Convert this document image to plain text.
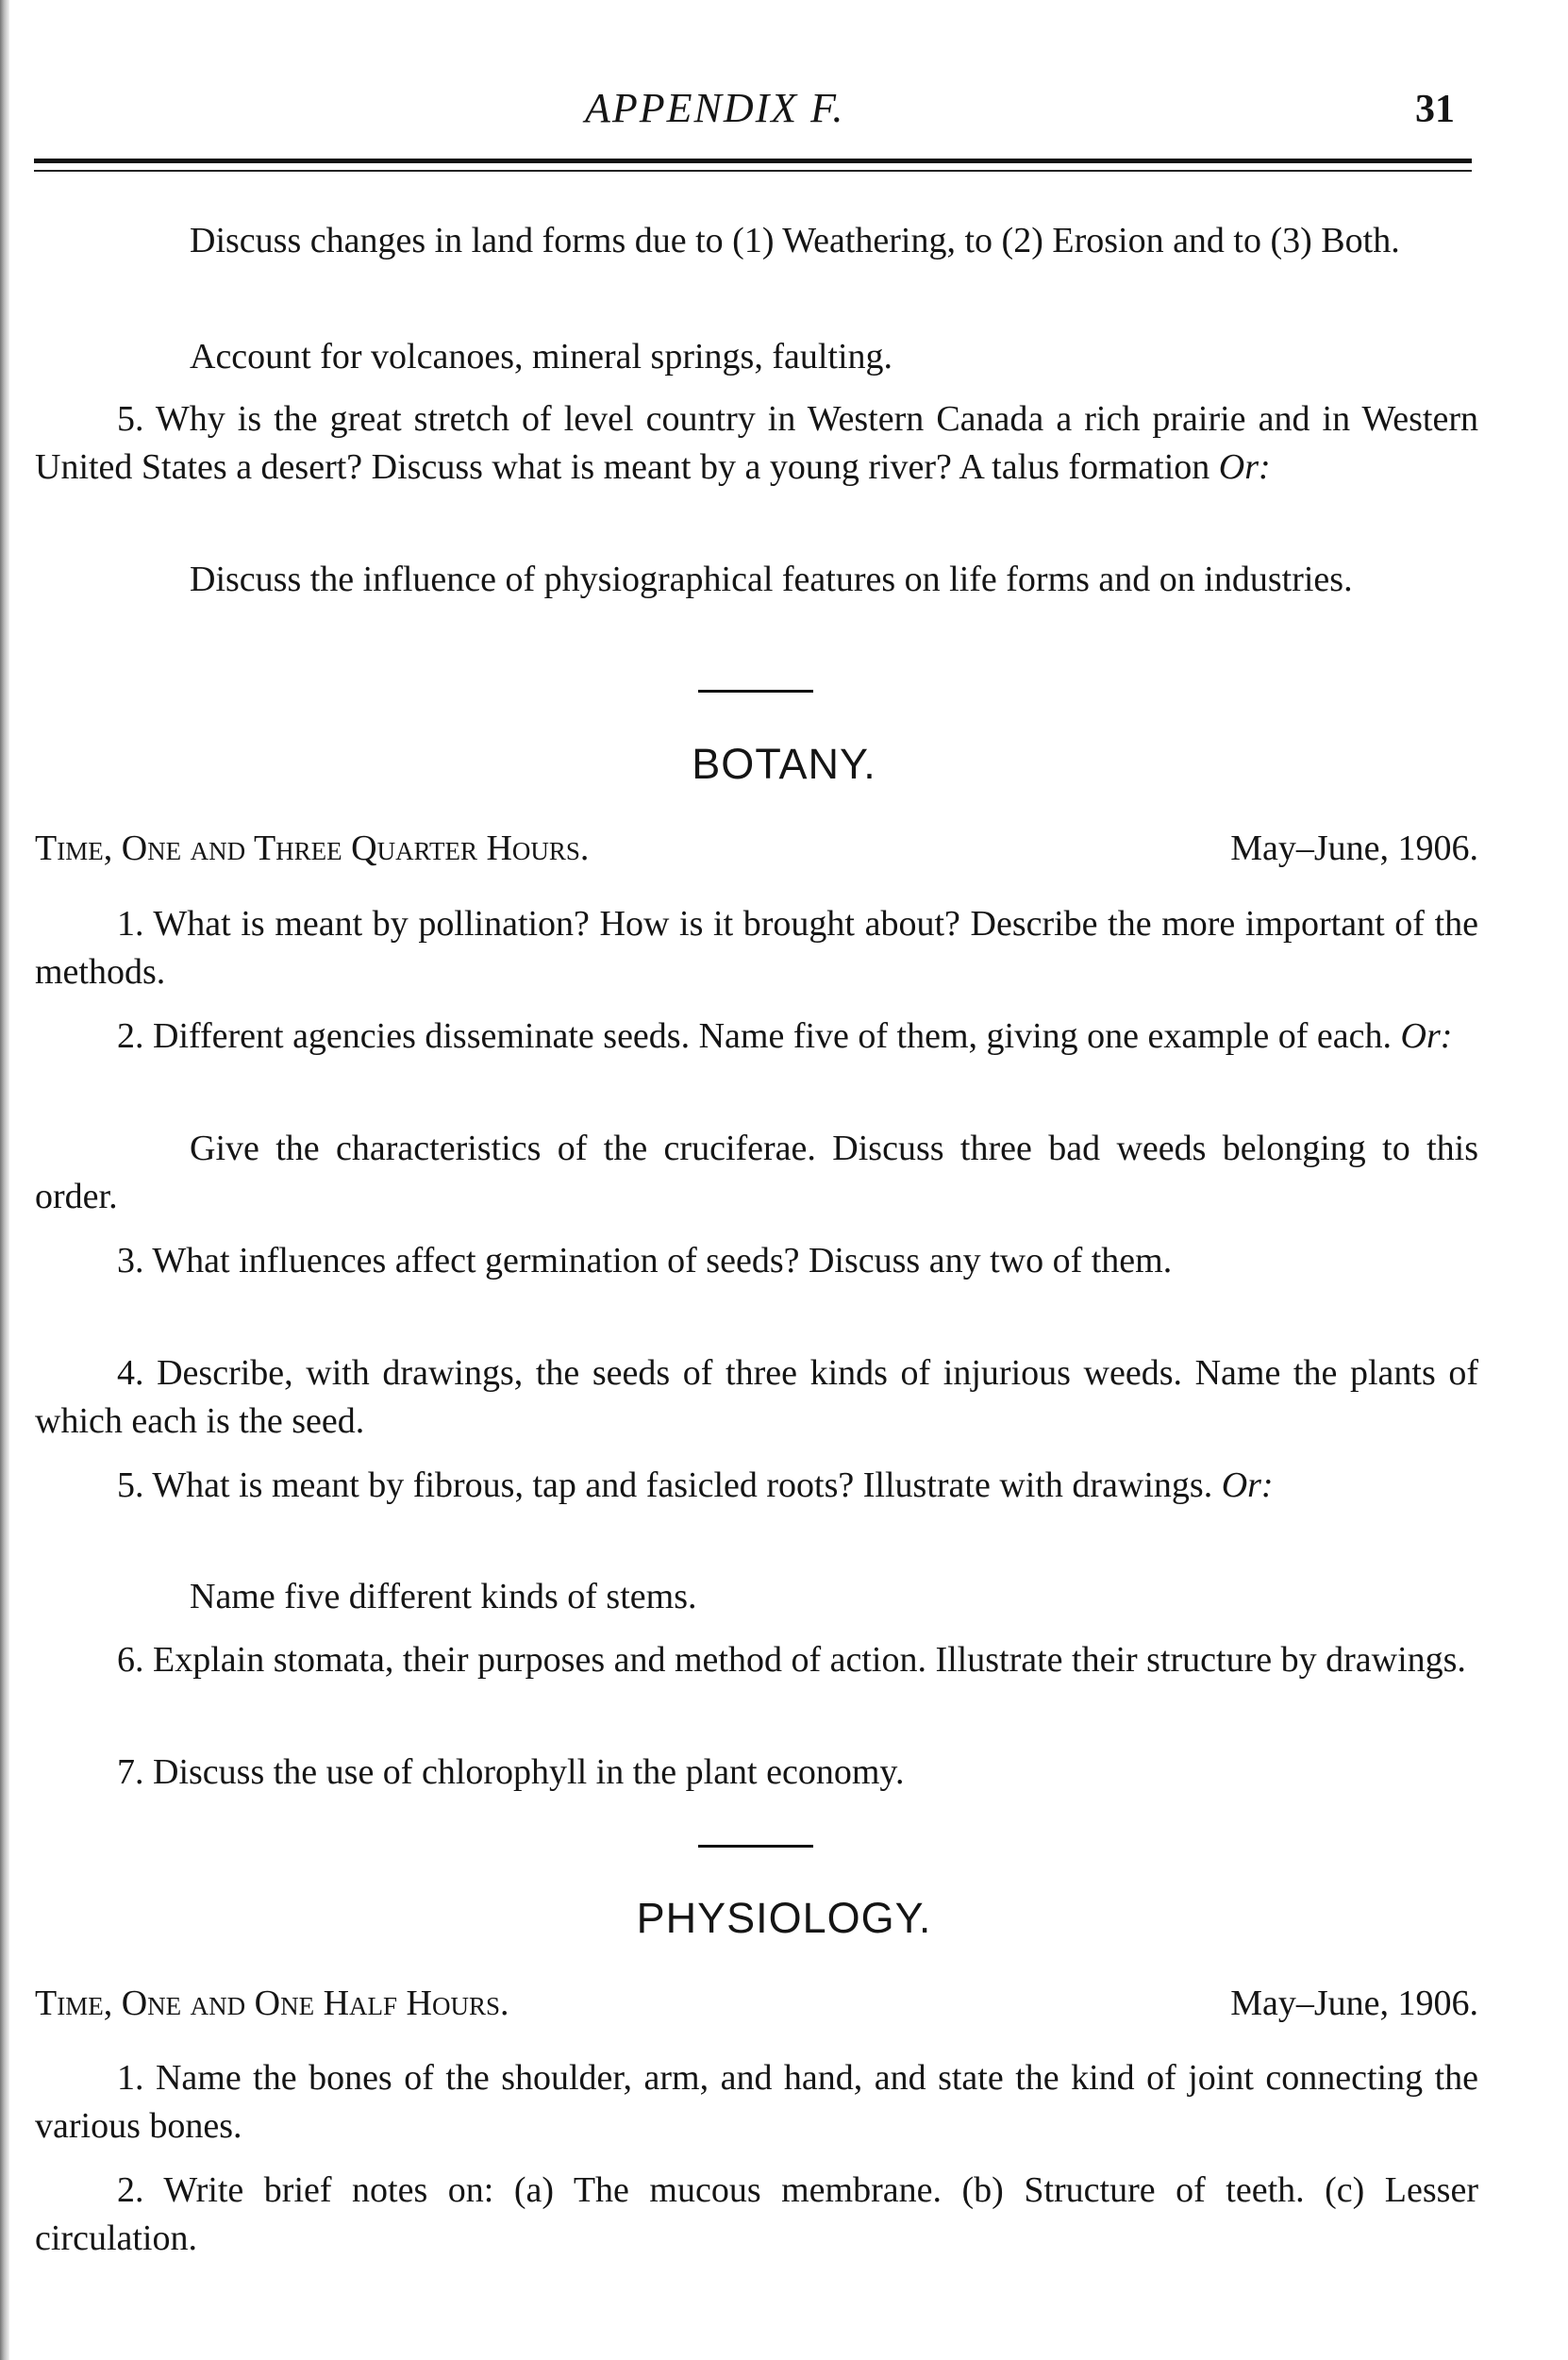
APPENDIX F.	31

Discuss changes in land forms due to (1) Weathering, to (2) Erosion and to (3) Both.

Account for volcanoes, mineral springs, faulting.

5. Why is the great stretch of level country in Western Canada a rich prairie and in Western United States a desert? Discuss what is meant by a young river? A talus formation Or:

Discuss the influence of physiographical features on life forms and on industries.

BOTANY.
Time, One and Three Quarter Hours.	May–June, 1906.

1. What is meant by pollination? How is it brought about? Describe the more important of the methods.

2. Different agencies disseminate seeds. Name five of them, giving one example of each. Or:

Give the characteristics of the cruciferae. Discuss three bad weeds belonging to this order.

3. What influences affect germination of seeds? Discuss any two of them.

4. Describe, with drawings, the seeds of three kinds of injurious weeds. Name the plants of which each is the seed.

5. What is meant by fibrous, tap and fasicled roots? Illustrate with drawings. Or:

Name five different kinds of stems.

6. Explain stomata, their purposes and method of action. Illustrate their structure by drawings.

7. Discuss the use of chlorophyll in the plant economy.

PHYSIOLOGY.
Time, One and One Half Hours.	May–June, 1906.

1. Name the bones of the shoulder, arm, and hand, and state the kind of joint connecting the various bones.

2. Write brief notes on: (a) The mucous membrane. (b) Structure of teeth. (c) Lesser circulation.
